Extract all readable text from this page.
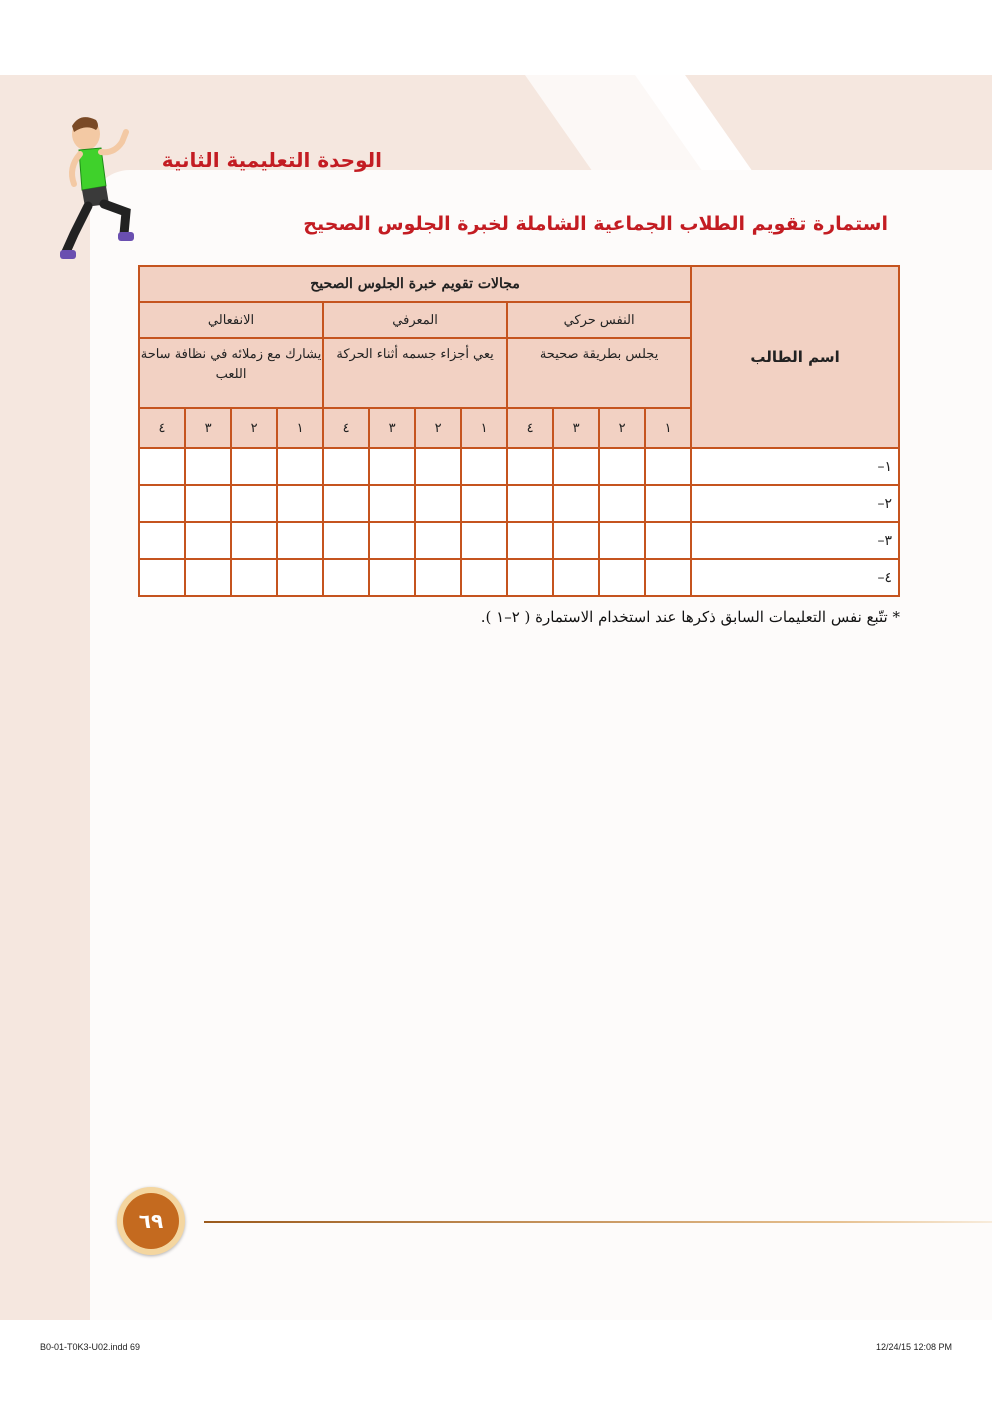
الوحدة التعليمية الثانية
استمارة تقويم الطلاب الجماعية الشاملة لخبرة الجلوس الصحيح
اسم الطالب	مجالات تقويم خبرة الجلوس الصحيح											
	النفس حركي				المعرفي				الانفعالي			
	يجلس بطريقة صحيحة				يعي أجزاء جسمه أثناء الحركة				يشارك مع زملائه في نظافة ساحة اللعب			
	١	٢	٣	٤	١	٢	٣	٤	١	٢	٣	٤
١–												
٢–												
٣–												
٤–												
* تتّبع نفس التعليمات السابق ذكرها عند استخدام الاستمارة ( ٢–١ ).
٦٩
B0-01-T0K3-U02.indd 69	12/24/15 12:08 PM
